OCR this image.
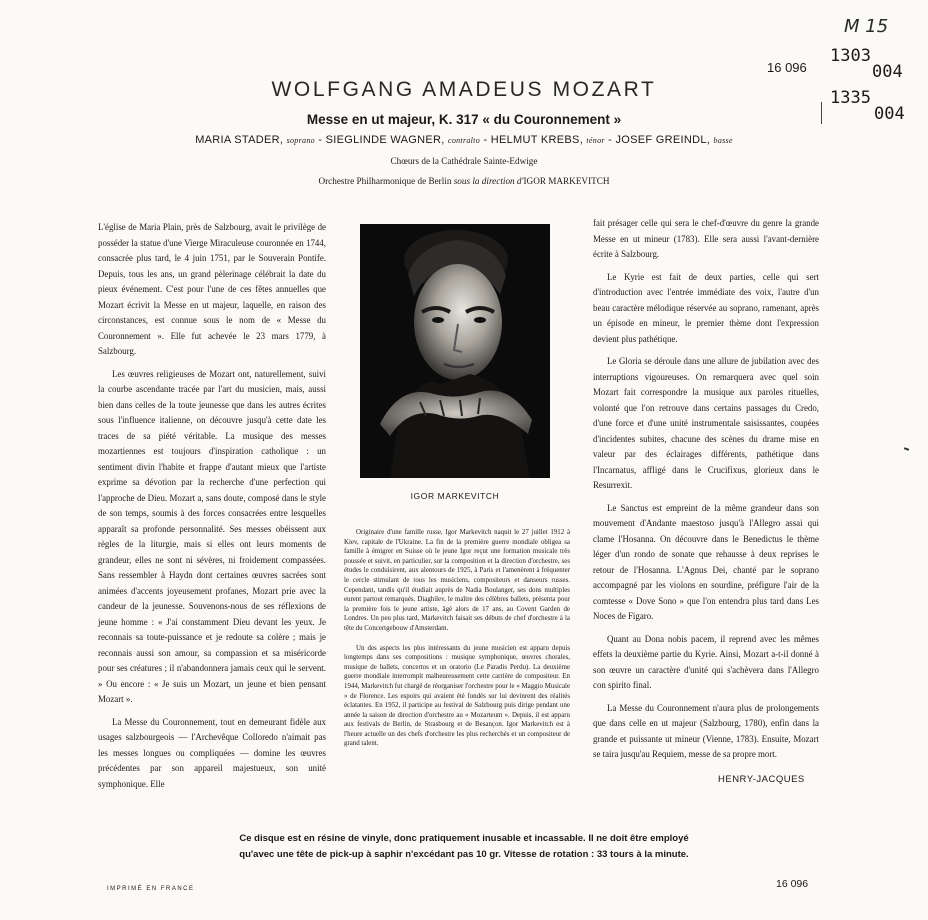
M 15
1303
004
1335
004
16 096
WOLFGANG AMADEUS MOZART
Messe en ut majeur, K. 317 « du Couronnement »
MARIA STADER, soprano - SIEGLINDE WAGNER, contralto - HELMUT KREBS, ténor - JOSEF GREINDL, basse
Chœurs de la Cathédrale Sainte-Edwige
Orchestre Philharmonique de Berlin sous la direction d'IGOR MARKEVITCH

L'église de Maria Plain, près de Salzbourg, avait le privilège de posséder la statue d'une Vierge Miraculeuse couronnée en 1744, consacrée plus tard, le 4 juin 1751, par le Souverain Pontife. Depuis, tous les ans, un grand pèlerinage célébrait la date du pieux événement. C'est pour l'une de ces fêtes annuelles que Mozart écrivit la Messe en ut majeur, laquelle, en raison des circonstances, est connue sous le nom de « Messe du Couronnement ». Elle fut achevée le 23 mars 1779, à Salzbourg.

Les œuvres religieuses de Mozart ont, naturellement, suivi la courbe ascendante tracée par l'art du musicien, mais, aussi bien dans celles de la toute jeunesse que dans les autres écrites sous l'influence italienne, on découvre jusqu'à cette date les traces de sa piété véritable. La musique des messes mozartiennes est toujours d'inspiration catholique : un sentiment divin l'habite et frappe d'autant mieux que l'artiste exprime sa dévotion par la recherche d'une perfection qui l'approche de Dieu. Mozart a, sans doute, composé dans le style de son temps, soumis à des forces consacrées entre lesquelles apparaît sa profonde personnalité. Ses messes obéissent aux règles de la liturgie, mais si elles ont leurs moments de grandeur, elles ne sont ni sévères, ni froidement compassées. Sans ressembler à Haydn dont certaines œuvres sacrées sont animées d'accents joyeusement profanes, Mozart prie avec la candeur de la jeunesse. Souvenons-nous de ses réflexions de jeune homme : « J'ai constamment Dieu devant les yeux. Je reconnais sa toute-puissance et je redoute sa colère ; mais je reconnais aussi son amour, sa compassion et sa miséricorde pour ses créatures ; il n'abandonnera jamais ceux qui le servent. » Ou encore : « Je suis un Mozart, un jeune et bien pensant Mozart ».

La Messe du Couronnement, tout en demeurant fidèle aux usages salzbourgeois — l'Archevêque Colloredo n'aimait pas les messes longues ou compliquées — domine les œuvres précédentes par son appareil majestueux, son unité symphonique. Elle

IGOR MARKEVITCH

Originaire d'une famille russe, Igor Markevitch naquit le 27 juillet 1912 à Kiev, capitale de l'Ukraine. La fin de la première guerre mondiale obligea sa famille à émigrer en Suisse où le jeune Igor reçut une formation musicale très poussée et suivit, en particulier, sur la composition et la direction d'orchestre, ses études le conduisirent, aux alentours de 1925, à Paris et l'amenèrent à fréquenter le cercle stimulant de tous les musiciens, compositeurs et danseurs russes. Cependant, tandis qu'il étudiait auprès de Nadia Boulanger, ses dons multiples eurent partout remarqués. Diaghilev, le maître des célèbres ballets, présenta pour la première fois le jeune artiste, âgé alors de 17 ans, au Covent Garden de Londres. Un peu plus tard, Markevitch faisait ses débuts de chef d'orchestre à la tête du Concertgebouw d'Amsterdam.

Un des aspects les plus intéressants du jeune musicien est apparu depuis longtemps dans ses compositions : musique symphonique, œuvres chorales, musique de ballets, concertos et un oratorio (Le Paradis Perdu). La deuxième guerre mondiale interrompit malheureusement cette carrière de compositeur. En 1944, Markevitch fut chargé de réorganiser l'orchestre pour le « Maggio Musicale » de Florence. Les espoirs qui avaient été fondés sur lui devinrent des réalités éclatantes. En 1952, il participe au festival de Salzbourg puis dirige pendant une année la saison de direction d'orchestre au « Mozarteum ». Depuis, il est apparu aux festivals de Berlin, de Strasbourg et de Besançon. Igor Markevitch est à l'heure actuelle un des chefs d'orchestre les plus recherchés et un compositeur de grand talent.

fait présager celle qui sera le chef-d'œuvre du genre la grande Messe en ut mineur (1783). Elle sera aussi l'avant-dernière écrite à Salzbourg.

Le Kyrie est fait de deux parties, celle qui sert d'introduction avec l'entrée immédiate des voix, l'autre d'un beau caractère mélodique réservée au soprano, ramenant, après un épisode en mineur, le premier thème dont l'expression devient plus pathétique.

Le Gloria se déroule dans une allure de jubilation avec des interruptions vigoureuses. On remarquera avec quel soin Mozart fait correspondre la musique aux paroles rituelles, volonté que l'on retrouve dans certains passages du Credo, d'une force et d'une unité instrumentale saisissantes, coupées d'incidentes subites, chacune des scènes du drame mise en valeur par des éclairages différents, pathétique dans l'Incarnatus, affligé dans le Crucifixus, glorieux dans le Resurrexit.

Le Sanctus est empreint de la même grandeur dans son mouvement d'Andante maestoso jusqu'à l'Allegro assai qui clame l'Hosanna. On découvre dans le Benedictus le thème léger d'un rondo de sonate que rehausse à deux reprises le retour de l'Hosanna. L'Agnus Dei, chanté par le soprano accompagné par les violons en sourdine, préfigure l'air de la comtesse « Dove Sono » que l'on entendra plus tard dans Les Noces de Figaro.

Quant au Dona nobis pacem, il reprend avec les mêmes effets la deuxième partie du Kyrie. Ainsi, Mozart a-t-il donné à son œuvre un caractère d'unité qui s'achèvera dans l'Allegro con spirito final.

La Messe du Couronnement n'aura plus de prolongements que dans celle en ut majeur (Salzbourg, 1780), enfin dans la grande et puissante ut mineur (Vienne, 1783). Ensuite, Mozart se taira jusqu'au Requiem, messe de sa propre mort.

HENRY-JACQUES
Ce disque est en résine de vinyle, donc pratiquement inusable et incassable. Il ne doit être employé
qu'avec une tête de pick-up à saphir n'excédant pas 10 gr. Vitesse de rotation : 33 tours à la minute.
IMPRIMÉ EN FRANCE	16 096
